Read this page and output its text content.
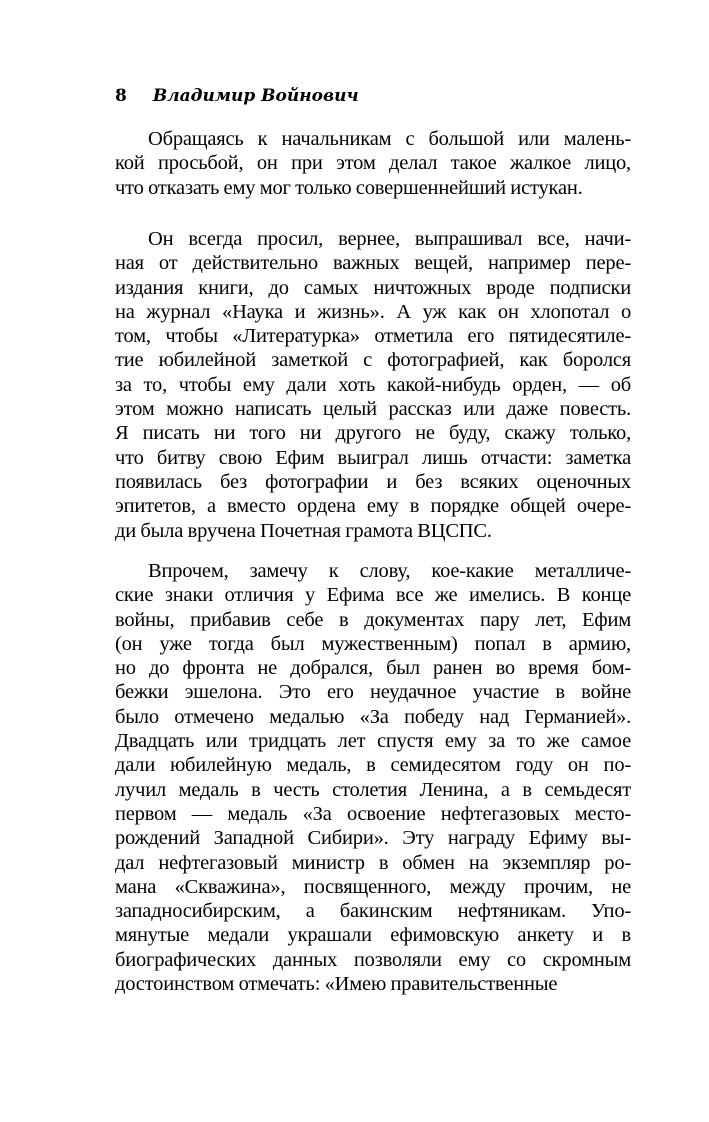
8 Владимир Войнович
Обращаясь к начальникам с большой или малень-
кой просьбой, он при этом делал такое жалкое лицо,
что отказать ему мог только совершеннейший истукан.
Он всегда просил, вернее, выпрашивал все, начи-
ная от действительно важных вещей, например пере-
издания книги, до самых ничтожных вроде подписки
на журнал «Наука и жизнь». А уж как он хлопотал о
том, чтобы «Литературка» отметила его пятидесятиле-
тие юбилейной заметкой с фотографией, как боролся
за то, чтобы ему дали хоть какой-нибудь орден, — об
этом можно написать целый рассказ или даже повесть.
Я писать ни того ни другого не буду, скажу только,
что битву свою Ефим выиграл лишь отчасти: заметка
появилась без фотографии и без всяких оценочных
эпитетов, а вместо ордена ему в порядке общей очере-
ди была вручена Почетная грамота ВЦСПС.
Впрочем, замечу к слову, кое-какие металличе-
ские знаки отличия у Ефима все же имелись. В конце
войны, прибавив себе в документах пару лет, Ефим
(он уже тогда был мужественным) попал в армию,
но до фронта не добрался, был ранен во время бом-
бежки эшелона. Это его неудачное участие в войне
было отмечено медалью «За победу над Германией».
Двадцать или тридцать лет спустя ему за то же самое
дали юбилейную медаль, в семидесятом году он по-
лучил медаль в честь столетия Ленина, а в семьдесят
первом — медаль «За освоение нефтегазовых место-
рождений Западной Сибири». Эту награду Ефиму вы-
дал нефтегазовый министр в обмен на экземпляр ро-
мана «Скважина», посвященного, между прочим, не
западносибирским, а бакинским нефтяникам. Упо-
мянутые медали украшали ефимовскую анкету и в
биографических данных позволяли ему со скромным
достоинством отмечать: «Имею правительственные
